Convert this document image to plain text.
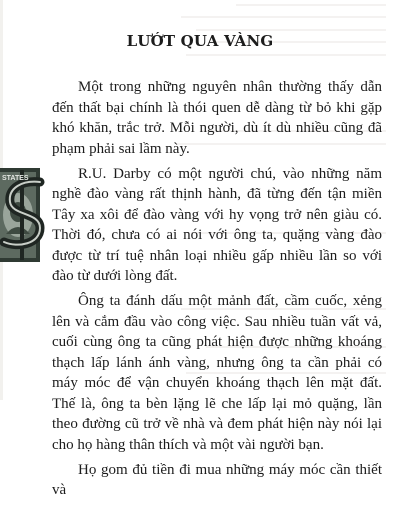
LƯỚT QUA VÀNG

Một trong những nguyên nhân thường thấy dẫn đến thất bại chính là thói quen dễ dàng từ bỏ khi gặp khó khăn, trắc trở. Mỗi người, dù ít dù nhiều cũng đã phạm phải sai lầm này.

R.U. Darby có một người chú, vào những năm nghề đào vàng rất thịnh hành, đã từng đến tận miền Tây xa xôi để đào vàng với hy vọng trở nên giàu có. Thời đó, chưa có ai nói với ông ta, quặng vàng đào được từ trí tuệ nhân loại nhiều gấp nhiều lần so với đào từ dưới lòng đất.

Ông ta đánh dấu một mảnh đất, cầm cuốc, xẻng lên và cắm đầu vào công việc. Sau nhiều tuần vất vả, cuối cùng ông ta cũng phát hiện được những khoáng thạch lấp lánh ánh vàng, nhưng ông ta cần phải có máy móc để vận chuyển khoáng thạch lên mặt đất. Thế là, ông ta bèn lặng lẽ che lấp lại mỏ quặng, lần theo đường cũ trở về nhà và đem phát hiện này nói lại cho họ hàng thân thích và một vài người bạn.

Họ gom đủ tiền đi mua những máy móc cần thiết và

STATES
